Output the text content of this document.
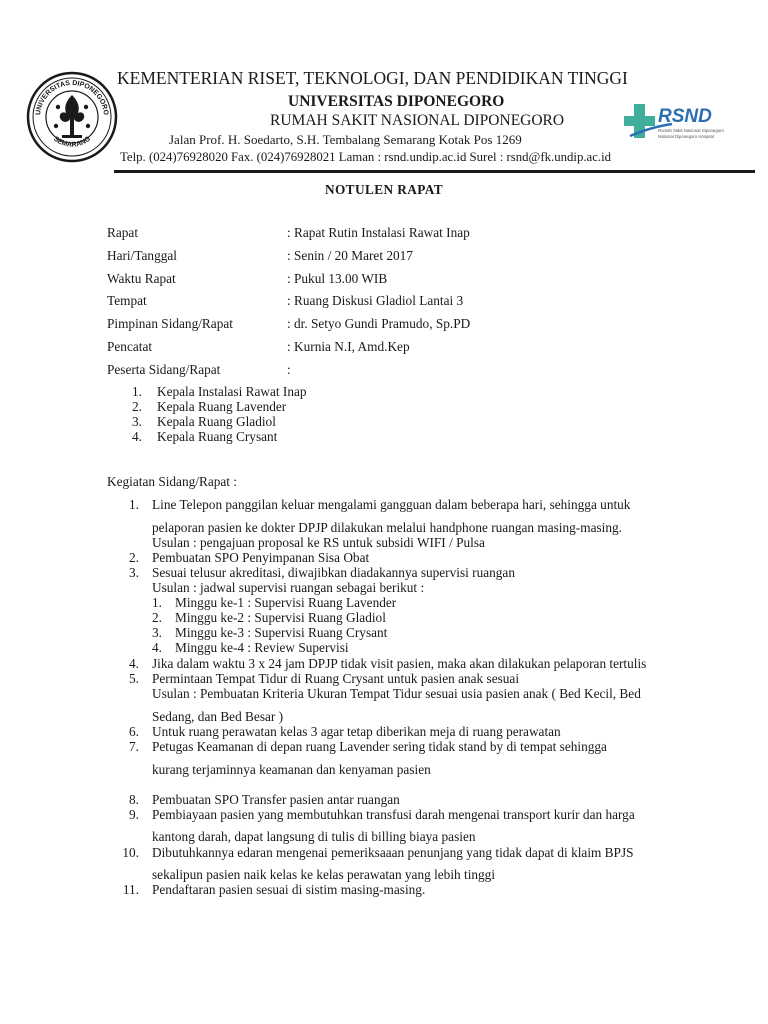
UNIVERSITAS DIPONEGORO
SEMARANG
KEMENTERIAN RISET, TEKNOLOGI, DAN PENDIDIKAN TINGGI
UNIVERSITAS DIPONEGORO
RUMAH SAKIT NASIONAL DIPONEGORO
Jalan Prof. H. Soedarto, S.H. Tembalang Semarang Kotak Pos 1269
Telp. (024)76928020 Fax. (024)76928021 Laman : rsnd.undip.ac.id Surel : rsnd@fk.undip.ac.id
RSND
Rumah Sakit Nasional Diponegoro
National Diponegoro Hospital
NOTULEN RAPAT
Rapat	: Rapat Rutin Instalasi Rawat Inap
Hari/Tanggal	: Senin / 20 Maret 2017
Waktu Rapat	: Pukul 13.00 WIB
Tempat	: Ruang Diskusi Gladiol Lantai 3
Pimpinan Sidang/Rapat	: dr. Setyo Gundi Pramudo, Sp.PD
Pencatat	: Kurnia N.I, Amd.Kep
Peserta Sidang/Rapat	:
1. Kepala Instalasi Rawat Inap
2. Kepala Ruang Lavender
3. Kepala Ruang Gladiol
4. Kepala Ruang Crysant
Kegiatan Sidang/Rapat :
1. Line Telepon panggilan keluar mengalami gangguan dalam beberapa hari, sehingga untuk
pelaporan pasien ke dokter DPJP dilakukan melalui handphone ruangan masing-masing.
Usulan : pengajuan proposal ke RS untuk subsidi WIFI / Pulsa
2. Pembuatan SPO Penyimpanan Sisa Obat
3. Sesuai telusur akreditasi, diwajibkan diadakannya supervisi ruangan
Usulan : jadwal supervisi ruangan sebagai berikut :
1. Minggu ke-1 : Supervisi Ruang Lavender
2. Minggu ke-2 : Supervisi Ruang Gladiol
3. Minggu ke-3 : Supervisi Ruang Crysant
4. Minggu ke-4 : Review Supervisi
4. Jika dalam waktu 3 x 24 jam DPJP tidak visit pasien, maka akan dilakukan pelaporan tertulis
5. Permintaan Tempat Tidur di Ruang Crysant untuk pasien anak sesuai
Usulan : Pembuatan Kriteria Ukuran Tempat Tidur sesuai usia pasien anak ( Bed Kecil, Bed
Sedang, dan Bed Besar )
6. Untuk ruang perawatan kelas 3 agar tetap diberikan meja di ruang perawatan
7. Petugas Keamanan di depan ruang Lavender sering tidak stand by di tempat sehingga
kurang terjaminnya keamanan dan kenyaman pasien
8. Pembuatan SPO Transfer pasien antar ruangan
9. Pembiayaan pasien yang membutuhkan transfusi darah mengenai transport kurir dan harga
kantong darah, dapat langsung di tulis di billing biaya pasien
10. Dibutuhkannya edaran mengenai pemeriksaaan penunjang yang tidak dapat di klaim BPJS
sekalipun pasien naik kelas ke kelas perawatan yang lebih tinggi
11. Pendaftaran pasien sesuai di sistim masing-masing.
